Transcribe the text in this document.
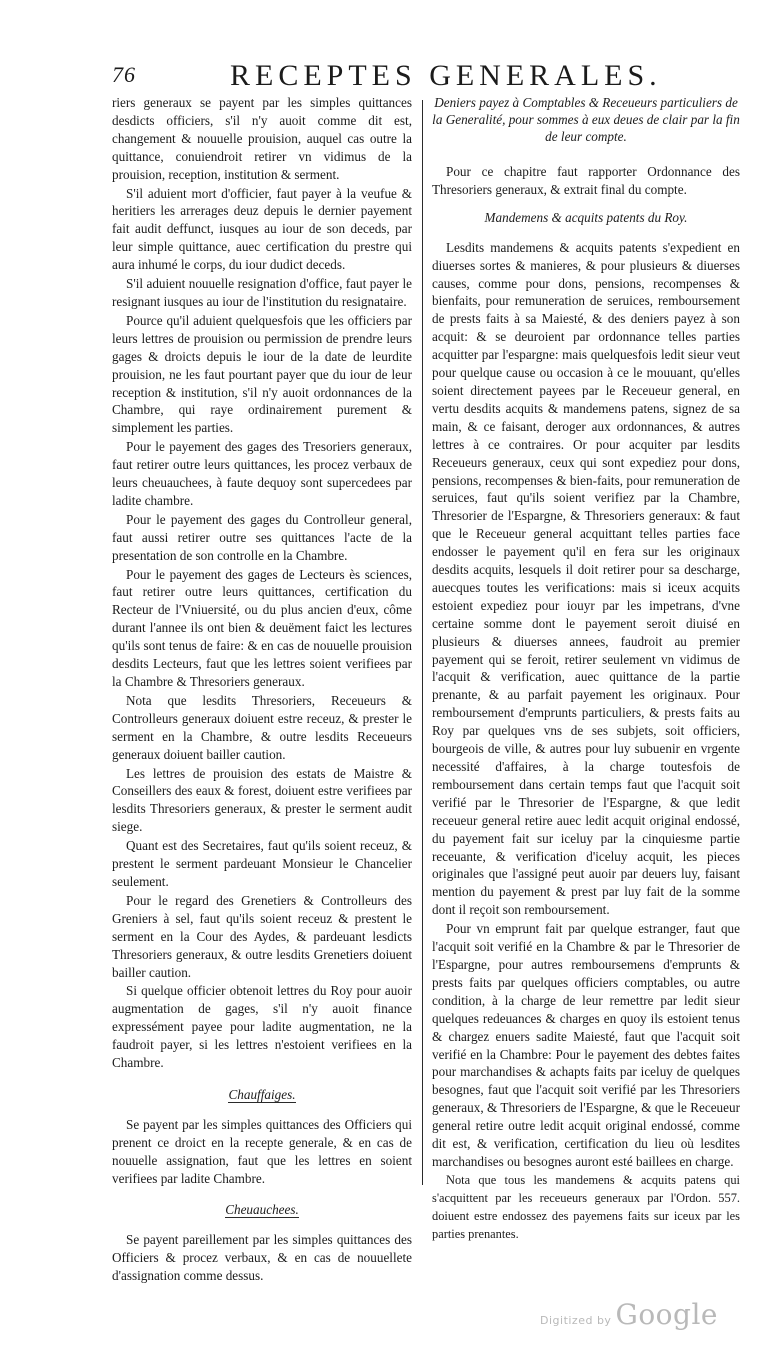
76	RECEPTES GENERALES.

riers generaux se payent par les simples quittances desdicts officiers, s'il n'y auoit comme dit est, changement & nouuelle prouision, auquel cas outre la quittance, conuiendroit retirer vn vidimus de la prouision, reception, institution & serment.

S'il aduient mort d'officier, faut payer à la veufue & heritiers les arrerages deuz depuis le dernier payement fait audit deffunct, iusques au iour de son deceds, par leur simple quittance, auec certification du prestre qui aura inhumé le corps, du iour dudict deceds.

S'il aduient nouuelle resignation d'office, faut payer le resignant iusques au iour de l'institution du resignataire.

Pource qu'il aduient quelquesfois que les officiers par leurs lettres de prouision ou permission de prendre leurs gages & droicts depuis le iour de la date de leurdite prouision, ne les faut pourtant payer que du iour de leur reception & institution, s'il n'y auoit ordonnances de la Chambre, qui raye ordinairement purement & simplement les parties.

Pour le payement des gages des Tresoriers generaux, faut retirer outre leurs quittances, les procez verbaux de leurs cheuauchees, à faute dequoy sont supercedees par ladite chambre.

Pour le payement des gages du Controlleur general, faut aussi retirer outre ses quittances l'acte de la presentation de son controlle en la Chambre.

Pour le payement des gages de Lecteurs ès sciences, faut retirer outre leurs quittances, certification du Recteur de l'Vniuersité, ou du plus ancien d'eux, côme durant l'annee ils ont bien & deuëment faict les lectures qu'ils sont tenus de faire: & en cas de nouuelle prouision desdits Lecteurs, faut que les lettres soient verifiees par la Chambre & Thresoriers generaux.

Nota que lesdits Thresoriers, Receueurs & Controlleurs generaux doiuent estre receuz, & prester le serment en la Chambre, & outre lesdits Receueurs generaux doiuent bailler caution.

Les lettres de prouision des estats de Maistre & Conseillers des eaux & forest, doiuent estre verifiees par lesdits Thresoriers generaux, & prester le serment audit siege.

Quant est des Secretaires, faut qu'ils soient receuz, & prestent le serment pardeuant Monsieur le Chancelier seulement.

Pour le regard des Grenetiers & Controlleurs des Greniers à sel, faut qu'ils soient receuz & prestent le serment en la Cour des Aydes, & pardeuant lesdicts Thresoriers generaux, & outre lesdits Grenetiers doiuent bailler caution.

Si quelque officier obtenoit lettres du Roy pour auoir augmentation de gages, s'il n'y auoit finance expressément payee pour ladite augmentation, ne la faudroit payer, si les lettres n'estoient verifiees en la Chambre.

Chauffaiges.

Se payent par les simples quittances des Officiers qui prenent ce droict en la recepte generale, & en cas de nouuelle assignation, faut que les lettres en soient verifiees par ladite Chambre.

Cheuauchees.

Se payent pareillement par les simples quittances des Officiers & procez verbaux, & en cas de nouuellete d'assignation comme dessus.

Deniers payez à Comptables & Receueurs particuliers de la Generalité, pour sommes à eux deues de clair par la fin de leur compte.

Pour ce chapitre faut rapporter Ordonnance des Thresoriers generaux, & extrait final du compte.

Mandemens & acquits patents du Roy.

Lesdits mandemens & acquits patents s'expedient en diuerses sortes & manieres, & pour plusieurs & diuerses causes, comme pour dons, pensions, recompenses & bienfaits, pour remuneration de seruices, remboursement de prests faits à sa Maiesté, & des deniers payez à son acquit: & se deuroient par ordonnance telles parties acquitter par l'espargne: mais quelquesfois ledit sieur veut pour quelque cause ou occasion à ce le mouuant, qu'elles soient directement payees par le Receueur general, en vertu desdits acquits & mandemens patens, signez de sa main, & ce faisant, deroger aux ordonnances, & autres lettres à ce contraires. Or pour acquiter par lesdits Receueurs generaux, ceux qui sont expediez pour dons, pensions, recompenses & bien-faits, pour remuneration de seruices, faut qu'ils soient verifiez par la Chambre, Thresorier de l'Espargne, & Thresoriers generaux: & faut que le Receueur general acquittant telles parties face endosser le payement qu'il en fera sur les originaux desdits acquits, lesquels il doit retirer pour sa descharge, auecques toutes les verifications: mais si iceux acquits estoient expediez pour iouyr par les impetrans, d'vne certaine somme dont le payement seroit diuisé en plusieurs & diuerses annees, faudroit au premier payement qui se feroit, retirer seulement vn vidimus de l'acquit & verification, auec quittance de la partie prenante, & au parfait payement les originaux. Pour remboursement d'emprunts particuliers, & prests faits au Roy par quelques vns de ses subjets, soit officiers, bourgeois de ville, & autres pour luy subuenir en vrgente necessité d'affaires, à la charge toutesfois de remboursement dans certain temps faut que l'acquit soit verifié par le Thresorier de l'Espargne, & que ledit receueur general retire auec ledit acquit original endossé, du payement fait sur iceluy par la cinquiesme partie receuante, & verification d'iceluy acquit, les pieces originales que l'assigné peut auoir par deuers luy, faisant mention du payement & prest par luy fait de la somme dont il reçoit son remboursement.

Pour vn emprunt fait par quelque estranger, faut que l'acquit soit verifié en la Chambre & par le Thresorier de l'Espargne, pour autres remboursemens d'emprunts & prests faits par quelques officiers comptables, ou autre condition, à la charge de leur remettre par ledit sieur quelques redeuances & charges en quoy ils estoient tenus & chargez enuers sadite Maiesté, faut que l'acquit soit verifié en la Chambre: Pour le payement des debtes faites pour marchandises & achapts faits par iceluy de quelques besognes, faut que l'acquit soit verifié par les Thresoriers generaux, & Thresoriers de l'Espargne, & que le Receueur general retire outre ledit acquit original endossé, comme dit est, & verification, certification du lieu où lesdites marchandises ou besognes auront esté baillees en charge.

Nota que tous les mandemens & acquits patens qui s'acquittent par les receueurs generaux par l'Ordon. 557. doiuent estre endossez des payemens faits sur iceux par les parties prenantes.

Digitized by Google
